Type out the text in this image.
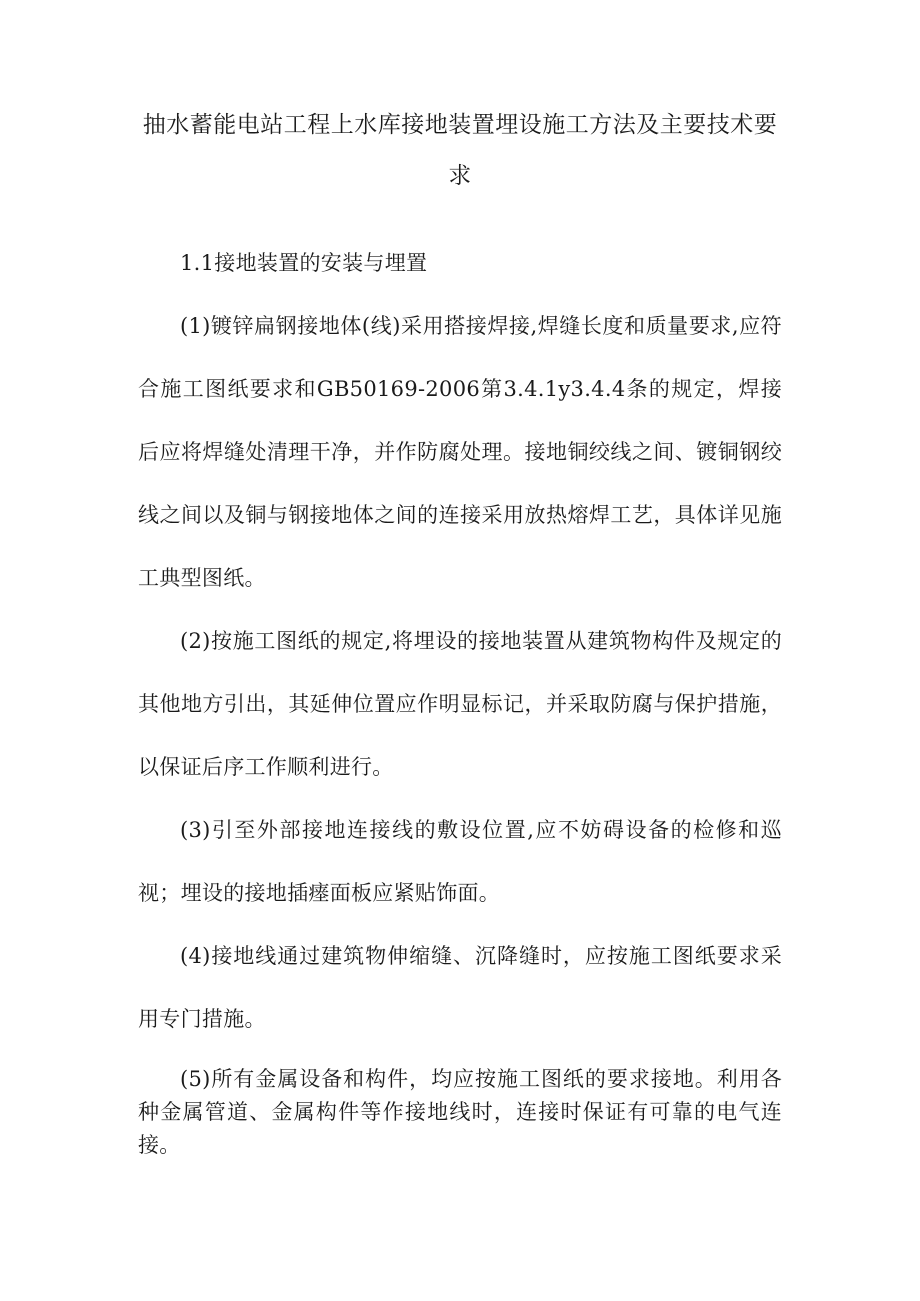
抽水蓄能电站工程上水库接地装置埋设施工方法及主要技术要求

1.1接地装置的安装与埋置

(1)镀锌扁钢接地体(线)采用搭接焊接,焊缝长度和质量要求,应符合施工图纸要求和GB50169-2006第3.4.1y3.4.4条的规定，焊接后应将焊缝处清理干净，并作防腐处理。接地铜绞线之间、镀铜钢绞线之间以及铜与钢接地体之间的连接采用放热熔焊工艺，具体详见施工典型图纸。

(2)按施工图纸的规定,将埋设的接地装置从建筑物构件及规定的其他地方引出，其延伸位置应作明显标记，并采取防腐与保护措施，以保证后序工作顺利进行。

(3)引至外部接地连接线的敷设位置,应不妨碍设备的检修和巡视；埋设的接地插瘗面板应紧贴饰面。

(4)接地线通过建筑物伸缩缝、沉降缝时，应按施工图纸要求采用专门措施。

(5)所有金属设备和构件，均应按施工图纸的要求接地。利用各种金属管道、金属构件等作接地线时，连接时保证有可靠的电气连接。
